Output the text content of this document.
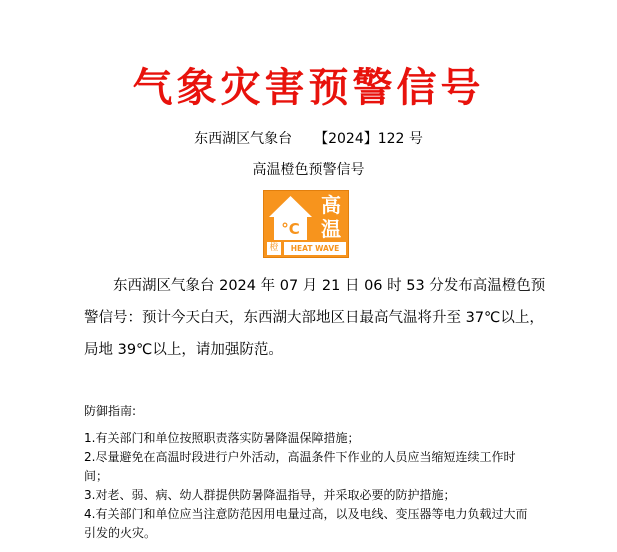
气象灾害预警信号
东西湖区气象台 【2024】122 号
高温橙色预警信号
°C
橙
高
温
HEAT WAVE

东西湖区气象台 2024 年 07 月 21 日 06 时 53 分发布高温橙色预警信号：预计今天白天，东西湖大部地区日最高气温将升至 37℃以上，局地 39℃以上，请加强防范。

防御指南:

1.有关部门和单位按照职责落实防暑降温保障措施；
2.尽量避免在高温时段进行户外活动，高温条件下作业的人员应当缩短连续工作时间；
3.对老、弱、病、幼人群提供防暑降温指导，并采取必要的防护措施；
4.有关部门和单位应当注意防范因用电量过高，以及电线、变压器等电力负载过大而引发的火灾。
